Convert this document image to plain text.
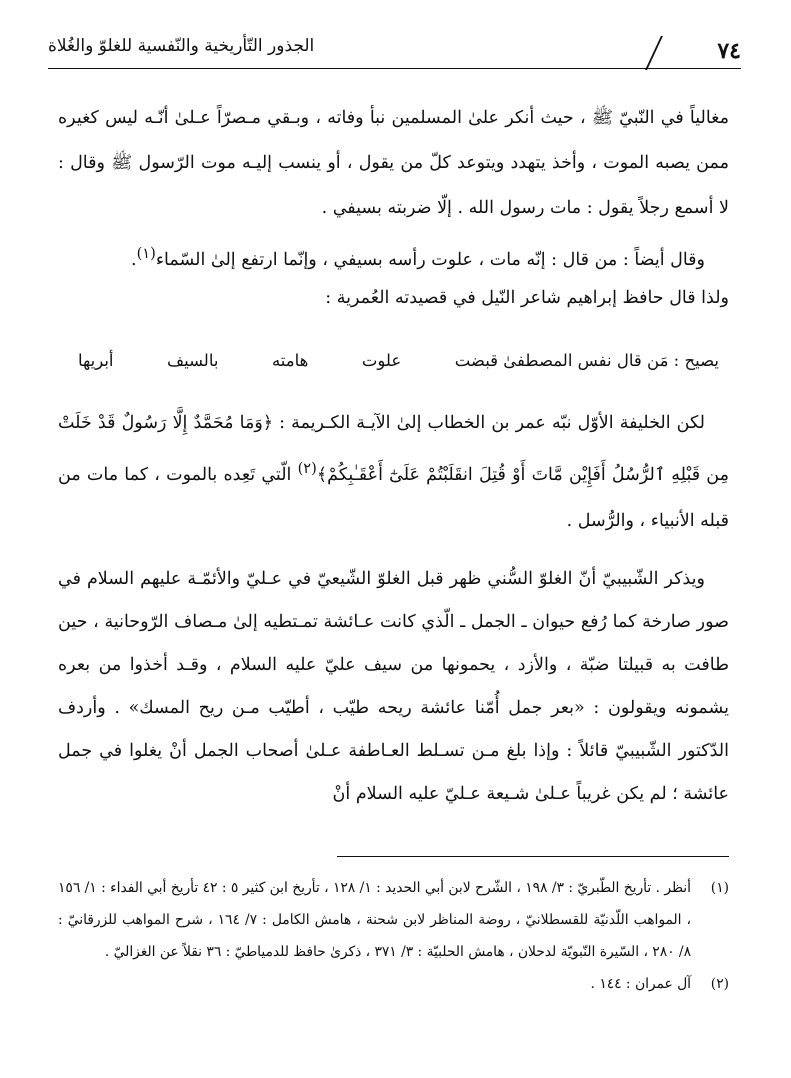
٧٤
الجذور التّأريخية والنّفسية للغلوّ والغُلاة

مغالياً في النّبيّ ﷺ ، حيث أنكر علىٰ المسلمين نبأ وفاته ، وبـقي مـصرّاً عـلىٰ أنّـه ليس كغيره ممن يصبه الموت ، وأخذ يتهدد ويتوعد كلّ من يقول ، أو ينسب إليـه موت الرّسول ﷺ وقال : لا أسمع رجلاً يقول : مات رسول الله . إلّا ضربته بسيفي .

وقال أيضاً : من قال : إنّه مات ، علوت رأسه بسيفي ، وإنّما ارتفع إلىٰ السّماء$^{(١)}$.
ولذا قال حافظ إبراهيم شاعر النّيل في قصيدته العُمرية :

يصيح : مَن قال نفس المصطفىٰ قبضت
علوت
هامته
بالسيف
أبريها

لكن الخليفة الأوّل نبّه عمر بن الخطاب إلىٰ الآيـة الكـريمة : ﴿وَمَا مُحَمَّدٌ إِلَّا رَسُولٌ قَدْ خَلَتْ مِن قَبْلِهِ ٱلرُّسُلُ أَفَإِيْن مَّاتَ أَوْ قُتِلَ انقَلَبْتُمْ عَلَىٰٓ أَعْقَـٰبِكُمْ﴾$^{(٢)}$ الّتي تَعِده بالموت ، كما مات من قبله الأنبياء ، والرُّسل .

ويذكر الشّبيبيّ أنّ الغلوّ السُّني ظهر قبل الغلوّ الشّيعيّ في عـليّ والأئمّـة عليهم السلام في صور صارخة كما رُفع حيوان ـ الجمل ـ الّذي كانت عـائشة تمـتطيه إلىٰ مـصاف الرّوحانية ، حين طافت به قبيلتا ضبّة ، والأزد ، يحمونها من سيف عليّ عليه السلام ، وقـد أخذوا من بعره يشمونه ويقولون : «بعر جمل أُمّنا عائشة ريحه طيّب ، أطيّب مـن ريح المسك» . وأردف الدّكتور الشّبيبيّ قائلاً : وإذا بلغ مـن تسـلط العـاطفة عـلىٰ أصحاب الجمل أنْ يغلوا في جمل عائشة ؛ لم يكن غريباً عـلىٰ شـيعة عـليّ عليه السلام أنْ

(١)
أنظر . تأريخ الطّبريّ : ٣/ ١٩٨ ، الشّرح لابن أبي الحديد : ١/ ١٢٨ ، تأريخ ابن كثير ٥ : ٤٢ تأريخ أبي الفداء : ١/ ١٥٦ ، المواهب اللّدنيّة للقسطلانيّ ، روضة المناظر لابن شحنة ، هامش الكامل : ٧/ ١٦٤ ، شرح المواهب للزرقانيّ : ٨/ ٢٨٠ ، السّيرة النّبويّة لدحلان ، هامش الحلبيّة : ٣/ ٣٧١ ، ذكرىٰ حافظ للدمياطيّ : ٣٦ نقلاً عن الغزاليّ .
(٢)
آل عمران : ١٤٤ .
